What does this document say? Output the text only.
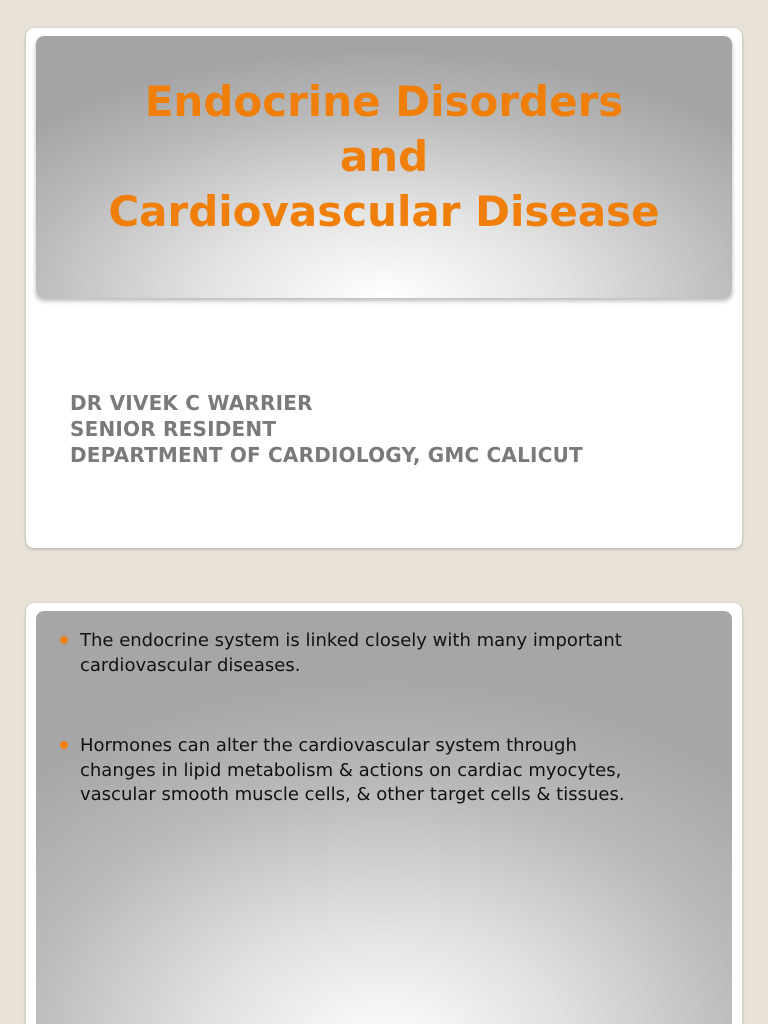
Endocrine Disorders
and
Cardiovascular Disease
DR VIVEK C WARRIER
SENIOR RESIDENT
DEPARTMENT OF CARDIOLOGY, GMC CALICUT
The endocrine system is linked closely with many important
cardiovascular diseases.
Hormones can alter the cardiovascular system through
changes in lipid metabolism & actions on cardiac myocytes,
vascular smooth muscle cells, & other target cells & tissues.
